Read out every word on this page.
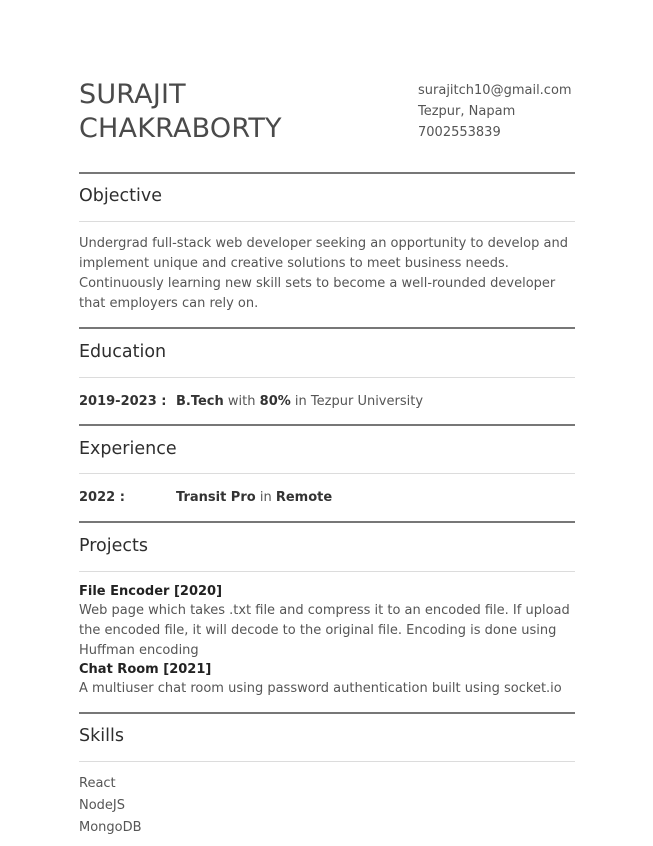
SURAJIT
CHAKRABORTY
surajitch10@gmail.com
Tezpur, Napam
7002553839
Objective
Undergrad full-stack web developer seeking an opportunity to develop and
implement unique and creative solutions to meet business needs.
Continuously learning new skill sets to become a well-rounded developer
that employers can rely on.
Education
2019-2023 : B.Tech with 80% in Tezpur University
Experience
2022 :	Transit Pro in Remote
Projects
File Encoder [2020]
Web page which takes .txt file and compress it to an encoded file. If upload
the encoded file, it will decode to the original file. Encoding is done using
Huffman encoding
Chat Room [2021]
A multiuser chat room using password authentication built using socket.io
Skills
React
NodeJS
MongoDB
